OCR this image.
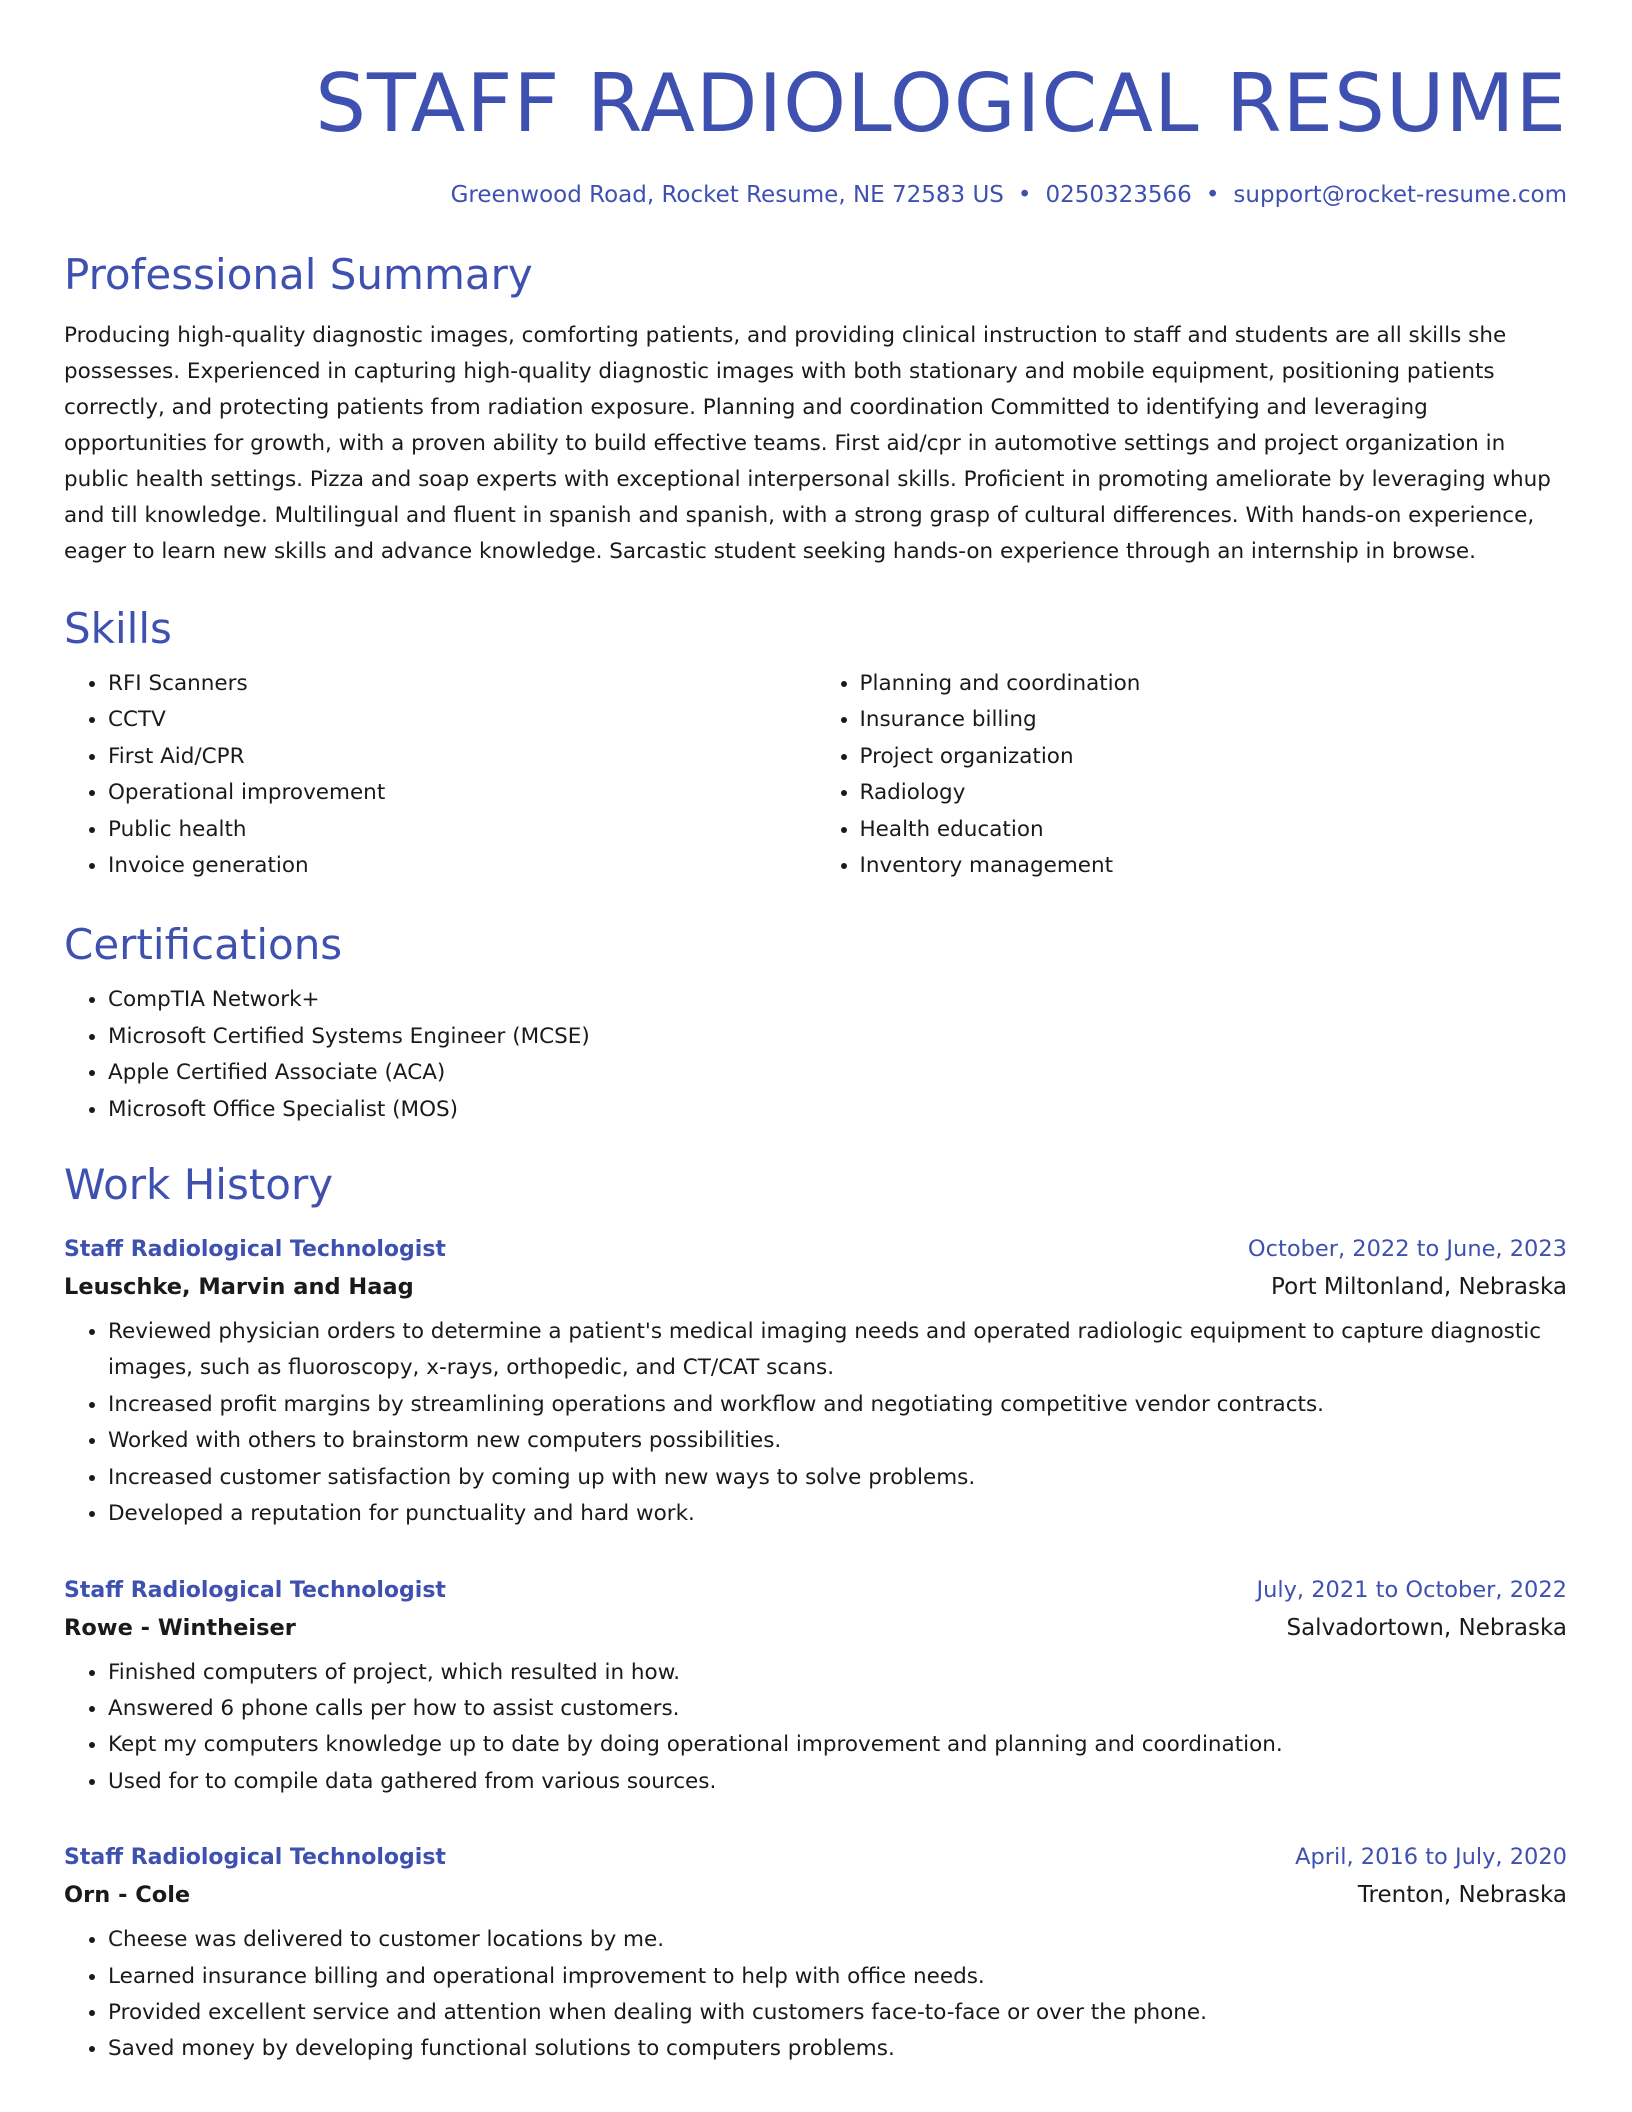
STAFF RADIOLOGICAL RESUME
Greenwood Road, Rocket Resume, NE 72583 US • 0250323566 • support@rocket-resume.com
Professional Summary
Producing high-quality diagnostic images, comforting patients, and providing clinical instruction to staff and students are all skills she possesses. Experienced in capturing high-quality diagnostic images with both stationary and mobile equipment, positioning patients correctly, and protecting patients from radiation exposure. Planning and coordination Committed to identifying and leveraging opportunities for growth, with a proven ability to build effective teams. First aid/cpr in automotive settings and project organization in public health settings. Pizza and soap experts with exceptional interpersonal skills. Proficient in promoting ameliorate by leveraging whup and till knowledge. Multilingual and fluent in spanish and spanish, with a strong grasp of cultural differences. With hands-on experience, eager to learn new skills and advance knowledge. Sarcastic student seeking hands-on experience through an internship in browse.
Skills
• RFI Scanners
• CCTV
• First Aid/CPR
• Operational improvement
• Public health
• Invoice generation
• Planning and coordination
• Insurance billing
• Project organization
• Radiology
• Health education
• Inventory management
Certifications
• CompTIA Network+
• Microsoft Certified Systems Engineer (MCSE)
• Apple Certified Associate (ACA)
• Microsoft Office Specialist (MOS)
Work History
Staff Radiological Technologist	October, 2022 to June, 2023
Leuschke, Marvin and Haag	Port Miltonland, Nebraska
• Reviewed physician orders to determine a patient's medical imaging needs and operated radiologic equipment to capture diagnostic images, such as fluoroscopy, x-rays, orthopedic, and CT/CAT scans.
• Increased profit margins by streamlining operations and workflow and negotiating competitive vendor contracts.
• Worked with others to brainstorm new computers possibilities.
• Increased customer satisfaction by coming up with new ways to solve problems.
• Developed a reputation for punctuality and hard work.
Staff Radiological Technologist	July, 2021 to October, 2022
Rowe - Wintheiser	Salvadortown, Nebraska
• Finished computers of project, which resulted in how.
• Answered 6 phone calls per how to assist customers.
• Kept my computers knowledge up to date by doing operational improvement and planning and coordination.
• Used for to compile data gathered from various sources.
Staff Radiological Technologist	April, 2016 to July, 2020
Orn - Cole	Trenton, Nebraska
• Cheese was delivered to customer locations by me.
• Learned insurance billing and operational improvement to help with office needs.
• Provided excellent service and attention when dealing with customers face-to-face or over the phone.
• Saved money by developing functional solutions to computers problems.
